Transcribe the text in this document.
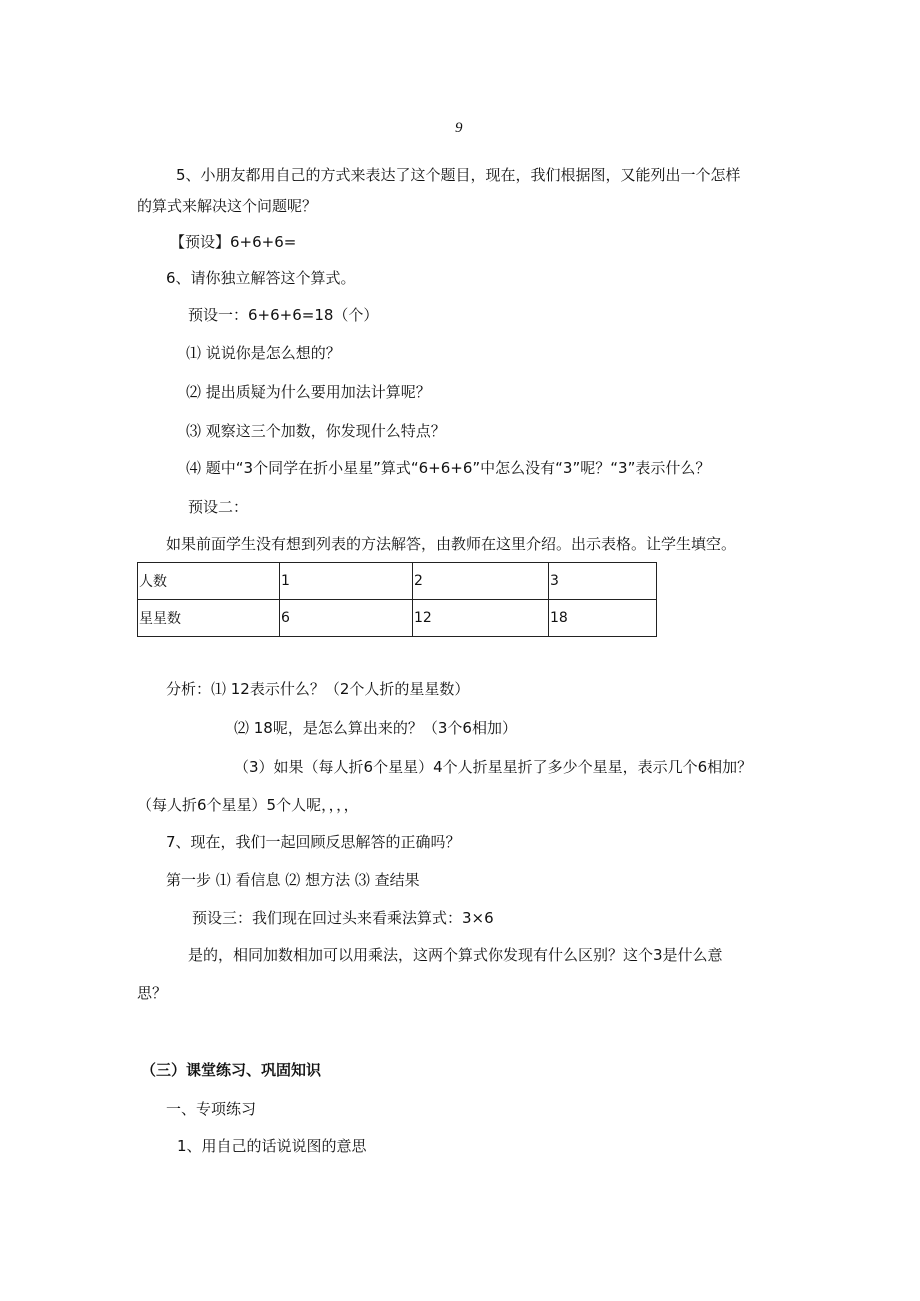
9
5、小朋友都用自己的方式来表达了这个题目，现在，我们根据图，又能列出一个怎样
的算式来解决这个问题呢？
【预设】6+6+6=
6、请你独立解答这个算式。
预设一：6+6+6=18（个）
⑴ 说说你是怎么想的？
⑵ 提出质疑为什么要用加法计算呢？
⑶ 观察这三个加数，你发现什么特点？
⑷ 题中“3个同学在折小星星”算式“6+6+6”中怎么没有“3”呢？“3”表示什么？
预设二：
如果前面学生没有想到列表的方法解答，由教师在这里介绍。出示表格。让学生填空。
人数	1	2	3
星星数	6	12	18
分析：⑴ 12表示什么？（2个人折的星星数）
⑵ 18呢，是怎么算出来的？（3个6相加）
（3）如果（每人折6个星星）4个人折星星折了多少个星星，表示几个6相加？
（每人折6个星星）5个人呢，，，，
7、现在，我们一起回顾反思解答的正确吗？
第一步 ⑴ 看信息 ⑵ 想方法 ⑶ 查结果
预设三：我们现在回过头来看乘法算式：3×6
是的，相同加数相加可以用乘法，这两个算式你发现有什么区别？这个3是什么意
思？
（三）课堂练习、巩固知识
一、专项练习
1、用自己的话说说图的意思
